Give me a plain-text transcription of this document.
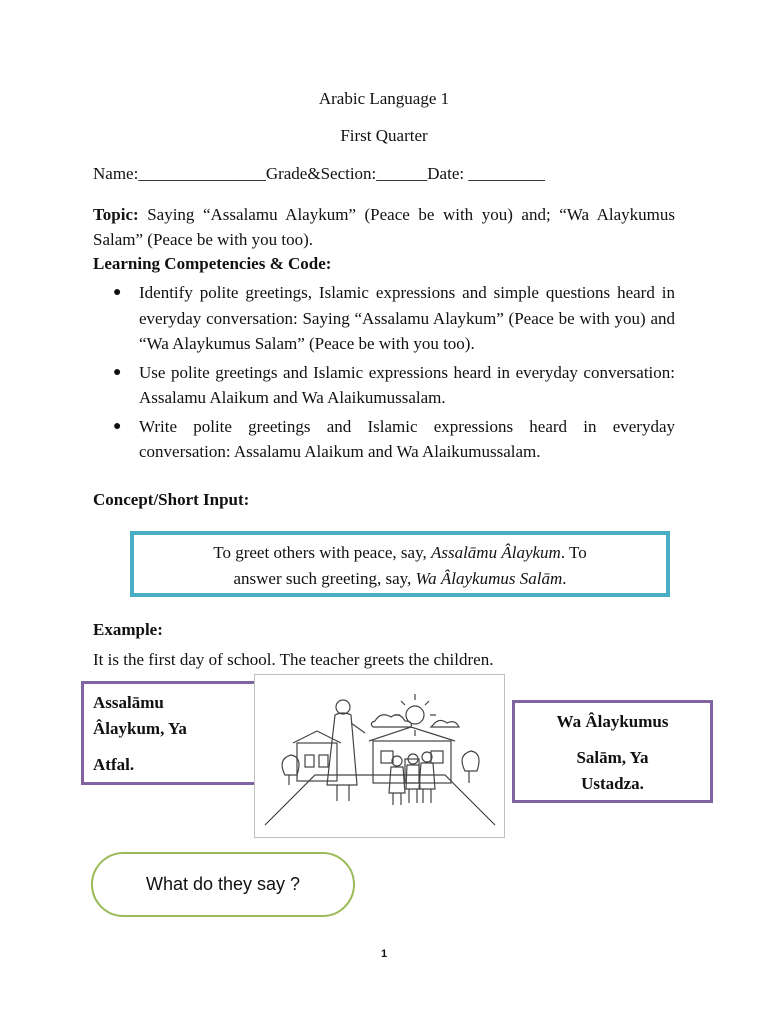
Arabic Language 1
First Quarter
Name:_______________Grade&Section:______Date: _________
Topic: Saying “Assalamu Alaykum” (Peace be with you) and; “Wa Alaykumus Salam” (Peace be with you too).
Learning Competencies & Code:
● Identify polite greetings, Islamic expressions and simple questions heard in everyday conversation: Saying “Assalamu Alaykum” (Peace be with you) and “Wa Alaykumus Salam” (Peace be with you too).
● Use polite greetings and Islamic expressions heard in everyday conversation: Assalamu Alaikum and Wa Alaikumussalam.
● Write polite greetings and Islamic expressions heard in everyday conversation: Assalamu Alaikum and Wa Alaikumussalam.
Concept/Short Input:
To greet others with peace, say, Assalāmu Âlaykum. To
answer such greeting, say, Wa Âlaykumus Salām.
Example:
It is the first day of school. The teacher greets the children.
Assalāmu
Âlaykum, Ya
Atfal.
Wa Âlaykumus
Salām, Ya
Ustadza.
What do they say ?
1
